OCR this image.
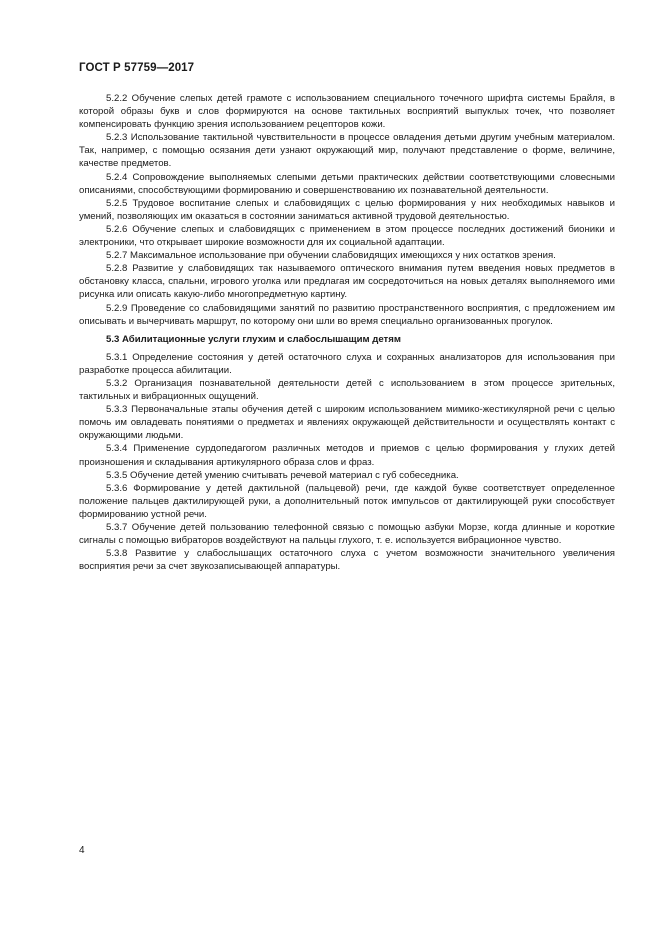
ГОСТ Р 57759—2017

5.2.2 Обучение слепых детей грамоте с использованием специального точечного шрифта системы Брайля, в которой образы букв и слов формируются на основе тактильных восприятий выпуклых точек, что позволяет компенсировать функцию зрения использованием рецепторов кожи.

5.2.3 Использование тактильной чувствительности в процессе овладения детьми другим учебным материалом. Так, например, с помощью осязания дети узнают окружающий мир, получают представление о форме, величине, качестве предметов.

5.2.4 Сопровождение выполняемых слепыми детьми практических действии соответствующими словесными описаниями, способствующими формированию и совершенствованию их познавательной деятельности.

5.2.5 Трудовое воспитание слепых и слабовидящих с целью формирования у них необходимых навыков и умений, позволяющих им оказаться в состоянии заниматься активной трудовой деятельностью.

5.2.6 Обучение слепых и слабовидящих с применением в этом процессе последних достижений бионики и электроники, что открывает широкие возможности для их социальной адаптации.

5.2.7 Максимальное использование при обучении слабовидящих имеющихся у них остатков зрения.

5.2.8 Развитие у слабовидящих так называемого оптического внимания путем введения новых предметов в обстановку класса, спальни, игрового уголка или предлагая им сосредоточиться на новых деталях выполняемого ими рисунка или описать какую-либо многопредметную картину.

5.2.9 Проведение со слабовидящими занятий по развитию пространственного восприятия, с предложением им описывать и вычерчивать маршрут, по которому они шли во время специально организованных прогулок.

5.3 Абилитационные услуги глухим и слабослышащим детям

5.3.1 Определение состояния у детей остаточного слуха и сохранных анализаторов для использования при разработке процесса абилитации.

5.3.2 Организация познавательной деятельности детей с использованием в этом процессе зрительных, тактильных и вибрационных ощущений.

5.3.3 Первоначальные этапы обучения детей с широким использованием мимико-жестикулярной речи с целью помочь им овладевать понятиями о предметах и явлениях окружающей действительности и осуществлять контакт с окружающими людьми.

5.3.4 Применение сурдопедагогом различных методов и приемов с целью формирования у глухих детей произношения и складывания артикулярного образа слов и фраз.

5.3.5 Обучение детей умению считывать речевой материал с губ собеседника.

5.3.6 Формирование у детей дактильной (пальцевой) речи, где каждой букве соответствует определенное положение пальцев дактилирующей руки, а дополнительный поток импульсов от дактилирующей руки способствует формированию устной речи.

5.3.7 Обучение детей пользованию телефонной связью с помощью азбуки Морзе, когда длинные и короткие сигналы с помощью вибраторов воздействуют на пальцы глухого, т. е. используется вибрационное чувство.

5.3.8 Развитие у слабослышащих остаточного слуха с учетом возможности значительного увеличения восприятия речи за счет звукозаписывающей аппаратуры.

4
